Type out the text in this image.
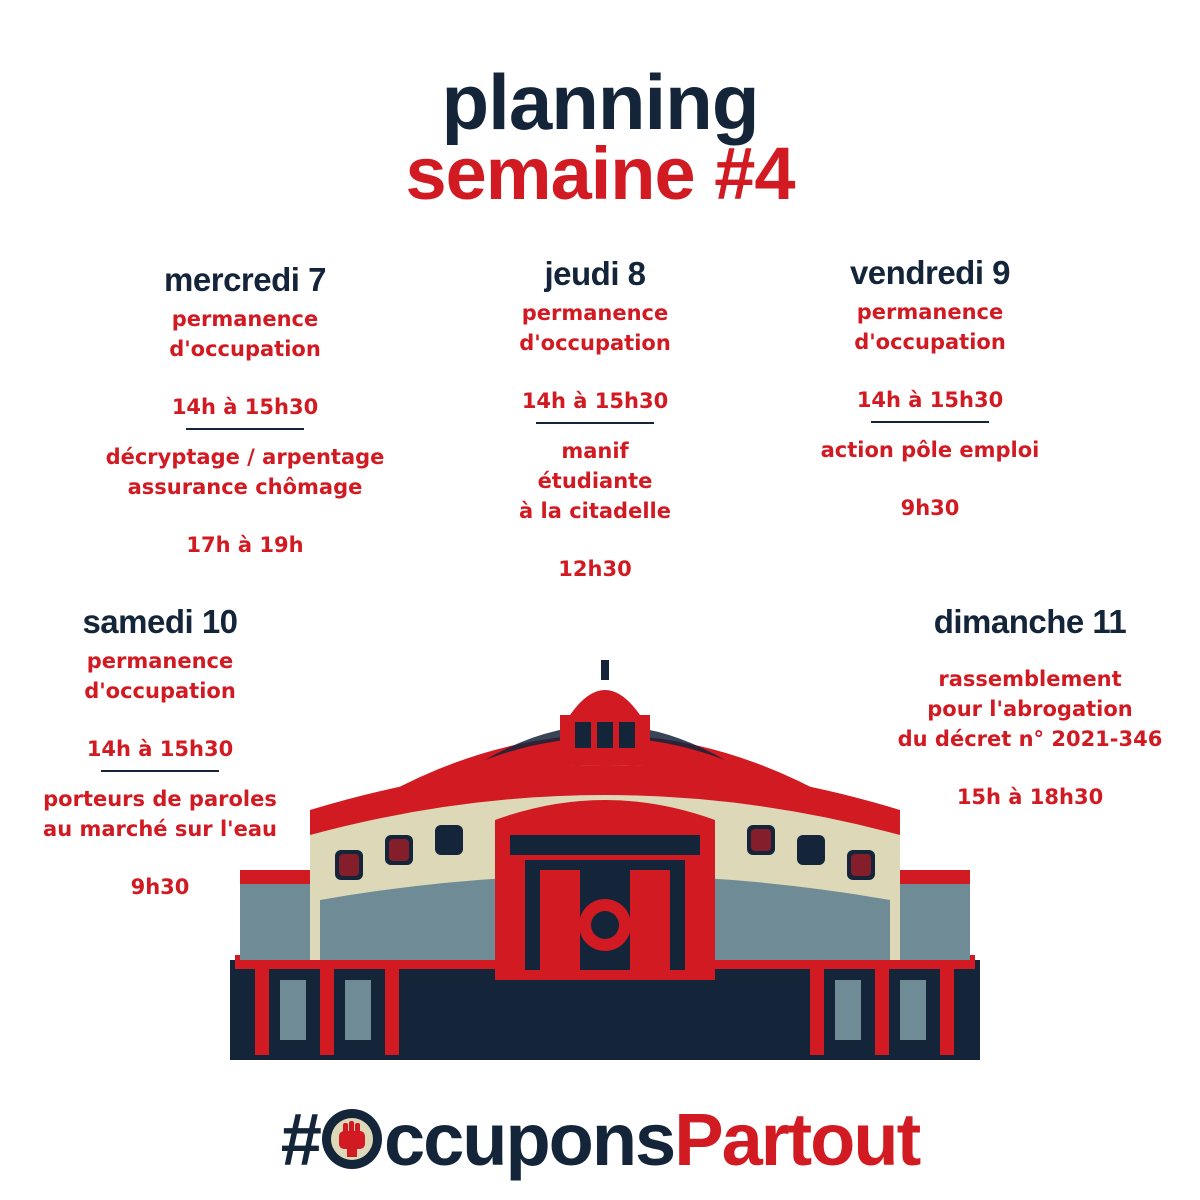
planning
semaine #4

mercredi 7

permanence

d'occupation

14h à 15h30

décryptage / arpentage

assurance chômage

17h à 19h

jeudi 8

permanence

d'occupation

14h à 15h30

manif

étudiante

à la citadelle

12h30

vendredi 9

permanence

d'occupation

14h à 15h30

action pôle emploi

9h30

samedi 10

permanence

d'occupation

14h à 15h30

porteurs de paroles

au marché sur l'eau

9h30

dimanche 11

rassemblement

pour l'abrogation

du décret n° 2021-346

15h à 18h30

# ccuponsPartout
